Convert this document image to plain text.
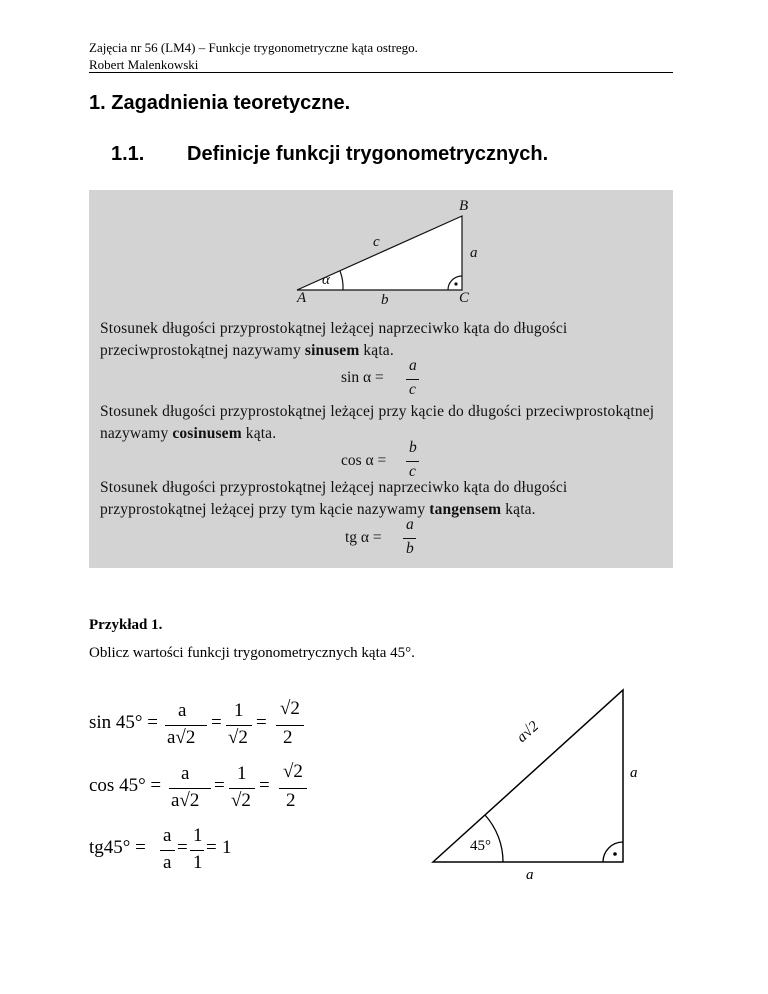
Zajęcia nr 56 (LM4) – Funkcje trygonometryczne kąta ostrego.
Robert Malenkowski
1. Zagadnienia teoretyczne.
1.1. Definicje funkcji trygonometrycznych.
B
c
a
α
A	b	C
Stosunek długości przyprostokątnej leżącej naprzeciwko kąta do długości przeciwprostokątnej nazywamy sinusem kąta.
sin α =
a
c
Stosunek długości przyprostokątnej leżącej przy kącie do długości przeciwprostokątnej nazywamy cosinusem kąta.
cos α =
b
c
Stosunek długości przyprostokątnej leżącej naprzeciwko kąta do długości przyprostokątnej leżącej przy tym kącie nazywamy tangensem kąta.
tg α =
a
b
Przykład 1.
Oblicz wartości funkcji trygonometrycznych kąta 45°.
sin 45° =
a
a√2
=
1
√2
=
√2
2
cos 45° =
a
a√2
=
1
√2
=
√2
2
tg45° =
a
a
=
1
1
= 1
a√2
a
a
45°
